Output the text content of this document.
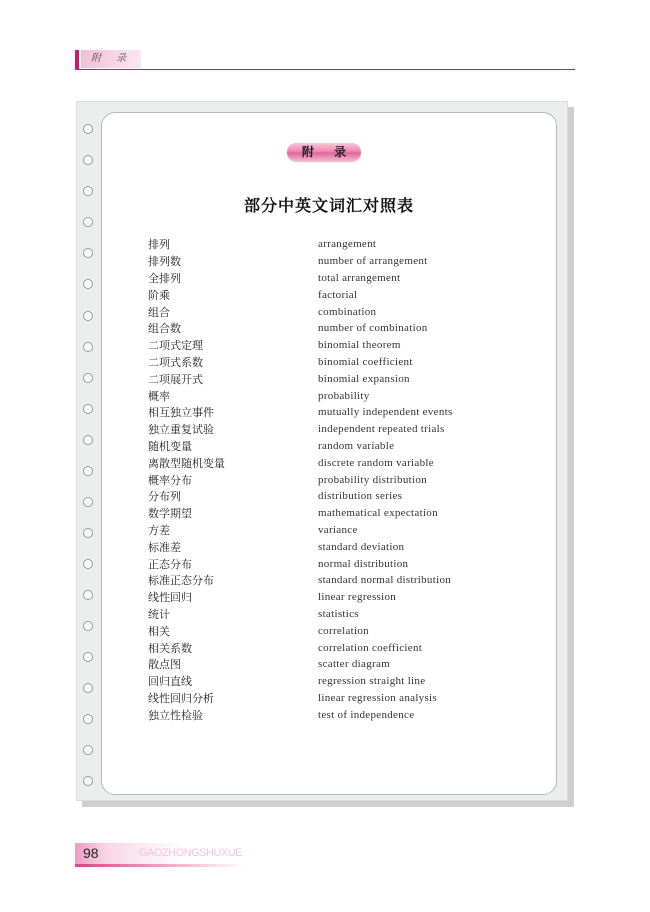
附 录
附 录
部分中英文词汇对照表
排列	arrangement
排列数	number of arrangement
全排列	total arrangement
阶乘	factorial
组合	combination
组合数	number of combination
二项式定理	binomial theorem
二项式系数	binomial coefficient
二项展开式	binomial expansion
概率	probability
相互独立事件	mutually independent events
独立重复试验	independent repeated trials
随机变量	random variable
离散型随机变量	discrete random variable
概率分布	probability distribution
分布列	distribution series
数学期望	mathematical expectation
方差	variance
标准差	standard deviation
正态分布	normal distribution
标准正态分布	standard normal distribution
线性回归	linear regression
统计	statistics
相关	correlation
相关系数	correlation coefficient
散点图	scatter diagram
回归直线	regression straight line
线性回归分析	linear regression analysis
独立性检验	test of independence
98	GAOZHONGSHUXUE
